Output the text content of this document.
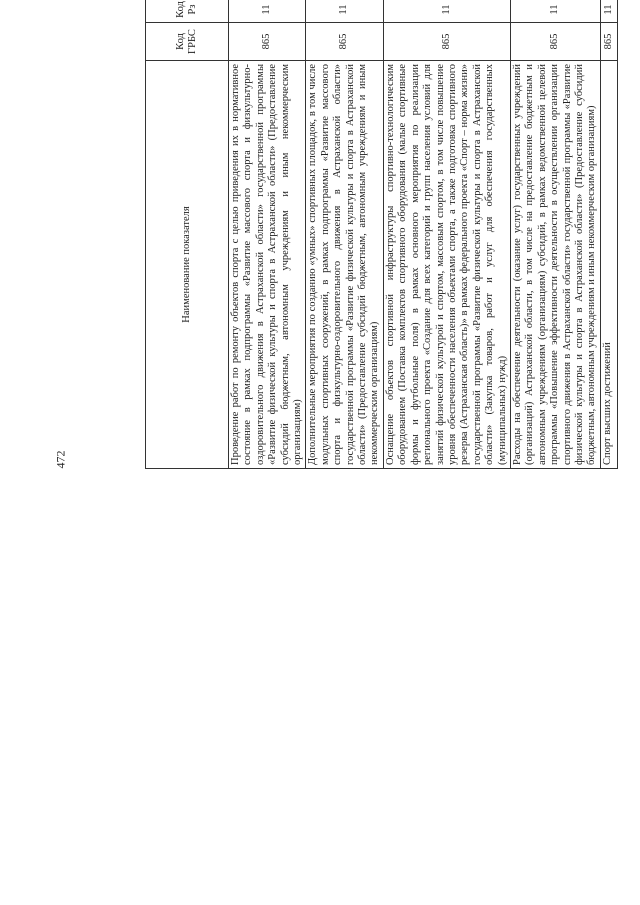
472
Наименование показателя	Код ГРБС	Код Рз				
Проведение работ по ремонту объектов спорта с целью приведения их в нормативное состояние в рамках подпрограммы «Развитие массового спорта и физкультурно-оздоровительного движения в Астраханской области» государственной программы «Развитие физической культуры и спорта в Астраханской области» (Предоставление субсидий бюджетным, автономным учреждениям и иным некоммерческим организациям)	865	11				
Дополнительные мероприятия по созданию «умных» спортивных площадок, в том числе модульных спортивных сооружений, в рамках подпрограммы «Развитие массового спорта и физкультурно-оздоровительного движения в Астраханской области» государственной программы «Развитие физической культуры и спорта в Астраханской области» (Предоставление субсидий бюджетным, автономным учреждениям и иным некоммерческим организациям)	865	11				
Оснащение объектов спортивной инфраструктуры спортивно-технологическим оборудованием (Поставка комплектов спортивного оборудования (малые спортивные формы и футбольные поля) в рамках основного мероприятия по реализации регионального проекта «Создание для всех категорий и групп населения условий для занятий физической культурой и спортом, массовым спортом, в том числе повышение уровня обеспеченности населения объектами спорта, а также подготовка спортивного резерва (Астраханская область)» в рамках федерального проекта «Спорт – норма жизни» государственной программы «Развитие физической культуры и спорта в Астраханской области» (Закупка товаров, работ и услуг для обеспечения государственных (муниципальных) нужд)	865	11				
Расходы на обеспечение деятельности (оказание услуг) государственных учреждений (организаций) Астраханской области, в том числе на предоставление бюджетным и автономным учреждениям (организациям) субсидий, в рамках ведомственной целевой программы «Повышение эффективности деятельности в осуществлении организации спортивного движения в Астраханской области» государственной программы «Развитие физической культуры и спорта в Астраханской области» (Предоставление субсидий бюджетным, автономным учреждениям и иным некоммерческим организациям)	865	11				
Спорт высших достижений	865	11				
